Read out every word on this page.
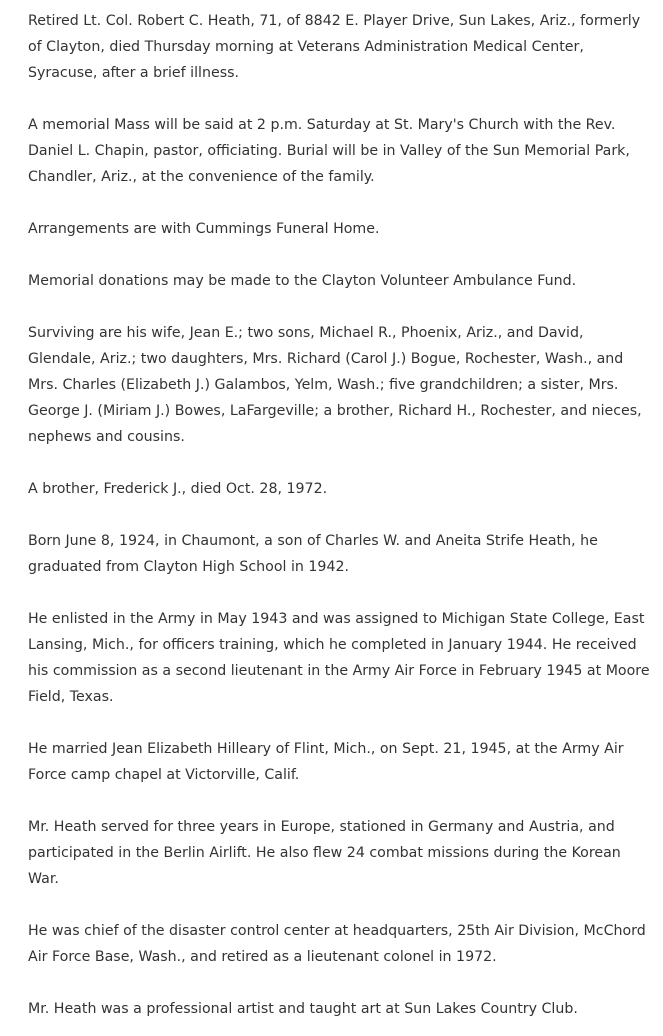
Retired Lt. Col. Robert C. Heath, 71, of 8842 E. Player Drive, Sun Lakes, Ariz., formerly of Clayton, died Thursday morning at Veterans Administration Medical Center, Syracuse, after a brief illness.

A memorial Mass will be said at 2 p.m. Saturday at St. Mary's Church with the Rev. Daniel L. Chapin, pastor, officiating. Burial will be in Valley of the Sun Memorial Park, Chandler, Ariz., at the convenience of the family.

Arrangements are with Cummings Funeral Home.

Memorial donations may be made to the Clayton Volunteer Ambulance Fund.

Surviving are his wife, Jean E.; two sons, Michael R., Phoenix, Ariz., and David, Glendale, Ariz.; two daughters, Mrs. Richard (Carol J.) Bogue, Rochester, Wash., and Mrs. Charles (Elizabeth J.) Galambos, Yelm, Wash.; five grandchildren; a sister, Mrs. George J. (Miriam J.) Bowes, LaFargeville; a brother, Richard H., Rochester, and nieces, nephews and cousins.

A brother, Frederick J., died Oct. 28, 1972.

Born June 8, 1924, in Chaumont, a son of Charles W. and Aneita Strife Heath, he graduated from Clayton High School in 1942.

He enlisted in the Army in May 1943 and was assigned to Michigan State College, East Lansing, Mich., for officers training, which he completed in January 1944. He received his commission as a second lieutenant in the Army Air Force in February 1945 at Moore Field, Texas.

He married Jean Elizabeth Hilleary of Flint, Mich., on Sept. 21, 1945, at the Army Air Force camp chapel at Victorville, Calif.

Mr. Heath served for three years in Europe, stationed in Germany and Austria, and participated in the Berlin Airlift. He also flew 24 combat missions during the Korean War.

He was chief of the disaster control center at headquarters, 25th Air Division, McChord Air Force Base, Wash., and retired as a lieutenant colonel in 1972.

Mr. Heath was a professional artist and taught art at Sun Lakes Country Club.
